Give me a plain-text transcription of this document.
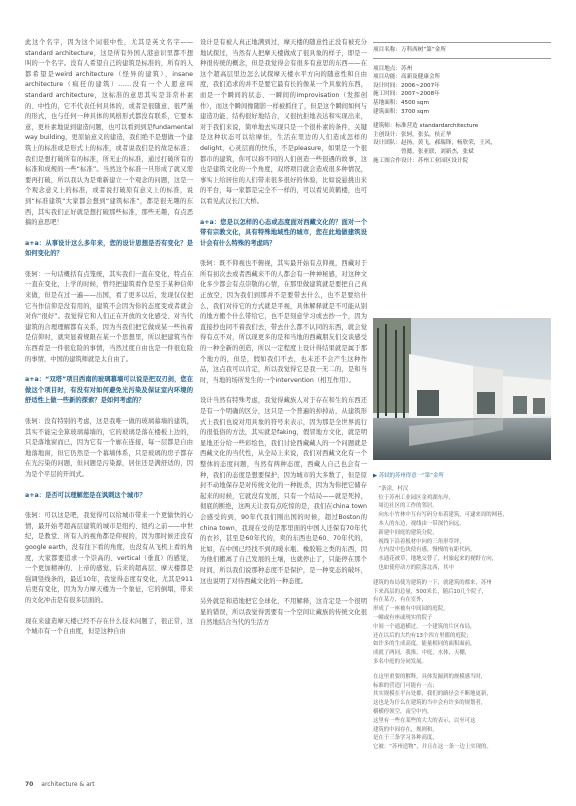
此这个名字，因为这个词很中性，尤其是英文名字——standard architecture，这是所有外国人港意识里都不想叫的一个名字。没有人希望自己的建筑是标准的，所有的人都希望是weird architecture（怪异的建筑）、insane architecture（疯狂的建筑）……没有一个人愿意叫standard architecture，这标准的意思其实是非常朴素的、中性的，它不代表任何具体的，或者是很随意、很严谨的形式，也与任何一种具体的风格形式都没有联系，它要本意，更朴素地说到建造问题，也可以看到到是fundamental way building，更原始意义的建造，我们绝不是想做一个建筑上的标准或是形式上的标准，或者说我们是的故是标准；我们是想打破所有的标准，所无止的标准，通过打破所有的标准和成规的一些“标准”。当然这个标准一旦形成了就又需要再打破，所以我认为是重新建立一个观念的问题，这是一个观念意义上的标准，或者说打破原有意义上的标准，说到“标准建筑”大家都会想到“建筑标准”，都是很无趣的东西，其实我们正好就是想打破那些标准，那些无趣，有点恶搞的意思吧！

a+a：从事设计这么多年来，您的设计思想是否有变化？是如何变化的？

张轲：一句话概括有点笼统，其实我们一直在变化，特点在一直在变化，上学的时候，曾经把建筑看作是至于某种信仰来做，但是在过一遍——出国，看了更多以后，发现仅仅把它当作信仰是没有用的，建筑不会因为你的态度变或者就会对你“很好”。我觉得它和人们正在开放的文化感受、对当代建筑的合理理解都有关系，因为当我们把它做成某一些执着是信仰时，就突显着规限在某一个思想里，所以把建筑当作东西看是一件很危险的事情，当然过度自由也是一件很危险的事情，中国的建筑师就是太自由了。

a+a：“双塔”项目西南的玻璃幕墙可以说是把双刃剑，您在做这个项目时，有没有对如何避免光污染及保证室内环境的舒适性上做一些新的探索？是如何考虑的？

张轲：没有特别的考虑，这是我唯一做的玻璃幕墙的建筑，其实不能完全算玻璃幕墙的，它的玻璃是落在楼板上边的，只是落地窗而已，因为它有一个廊在连接，每一层都是自由地落地窗，但它仍然是一个幕墙体系，只是玻璃的房子都存在光污染的问题，但问题是污染源，居住还是满舒适的，因为是个平层的开间式。

a+a：是否可以理解您是在讽刺这个城市？

张轲：可以这是吧，我觉得可以给城市带来一个更愉快的心情，最开始考超高层建筑的城市是纽约、纽约之前——中世纪，是教堂、所有人的视角都是仰视的，因为那时候还没有google earth，没有往下看的角度，也没有从飞机上看的角度，大家都要追求一个崇高的、vertical（垂直）的感觉，一个更加精神的、上帝的感觉，后来的超高层、摩天楼都是强调竖线条的，最近10年，我觉得态度有变化，尤其是911后更有变化，因为为力摩天楼为一个象征，它的倒塌，带来的文化冲击是有很多层面的。

现在来建造摩天楼已经不存在什么技术问题了，很正常，这个城市有一个自由度，但是这种自由

设计是有被人真正地满到过，摩天楼的随意性正没有被充分地试探过，当然有人把摩天楼做成了很具象的样子，即是一种很传统的概念，但是我觉得会有很多有意思的东西——在这个超高层里边怎么试探摩天楼水平方向的随意性和自由度，我们追求的并不是要它最有长的像某一个具象的东西，而是一个瞬间的状态、一瞬间的improvisation（发挥创作），而这个瞬间像随影一样被抓住了，但是这个瞬间如何与建造功能、结构很好地结合，又很抗拒地表达和实现出来，对于我们来说，简单地去实现只是一个很朴素的条件，关键是这种状态可以给摩住，生活在里边的人们造成怎样的delight，心灵层面的快乐，不是pleasure，如果是一个很都市的建筑，你可以称不同的人们创造一些很遇的故事，这也是建筑文化的一个角度，双塔项目就会造成很多种情况，事实上给居住的人们带来很多很好的体验，比如说悬挑出来的平台，每一家都是完全不一样的，可以看见黄鹤楼，也可以看见武汉长江大桥。

a+a：您是以怎样的心态或态度面对西藏文化的？面对一个带有宗教文化，具有特殊地域性的城市，您在此地做建筑设计会有什么特殊的考虑吗？

张轲：既不仰视也不俯视，其实最开始有点仰视，西藏对于所有初次去或者西藏来不的人都会有一种神秘感，对这种文化多少都会有点崇敬的心情，在那里做建筑就是要把自己真正放空，因为我们到那并不是要带去什么，也不是要给什么，我们对待它的方式就是平视，具体解释就是不可能从别的地方搬个什么带给它，也不是刻意学习或去抄一个，因为直接抄也同不着我们去，带去什么都不认同的东西，就会觉得有点不对，所以现更多的是和当地的西藏朋友们交谈感受的一种全新的创造，所以一定程度上设计得结果就是属于那个地方的，但是，假如我们不去，也未还不会产生这种作品，这点我可以肯定，所以我觉得它是我一无二的，是和当时，当地的场所发生的一个intervention（相互作用）。

设计当然有特殊考虑，我觉得藏族人对于存在和生的东西还是有一个明确的区分，这只是一个普遍的掉掉站，从建筑形式上我们也说对用具象的符号来表示，因为那是全世界流行的很低俗的方法，其实就是faking，假冒地方文化，就是明显地还分给一些彩绘色，我们讨论西藏藏人的一个问题就是西藏文化的当代性，从全局上来说，我们对西藏文化有一个整体的态度问题，当然有两种态度，西藏人自己也会有一种，我们的态度是想要保护，因为城市的大多数了，但是原封不动地保存是对传统文化的一种扼杀，因为为你把它储存起来的时候，它就没有发展，只有一个结局——就是死掉，彻底的断绝，这两天让我有点吃惊的是，我们在china town会感受的到，90年代我们刚出国的时候，超过Boston的china town，我现在受的是那里面的中国人还保有70年代的衣衫，甚至是60年代的，卖的东西也是60、70年代的，比如，在中国已经找不到的暖水瓶、橡胶鞋之类的东西，因为他们搬离了自己发展的土壤，也就停止了，只能停在那个时间，所以我们说那种态度不是保护，是一种变态的破坏，这也说明了对待西藏文化的一种态度。

另外就是和造地把它全球化，不用解释，这肯定是一个很明显的错误，所以我觉得需要有一个空间让藏族的传统文化很自然地结合当代的生活方

项目名称：万科西树“第”金所
项目地点：苏州
项目功能：高新及健康会所
设计时间：2006~2007年
施工时间：2007~2008年
基地面积：4500 sqm
建筑面积：3700 sqm
建筑师：标准营造 standardarchitecture
主创设计：张轲，张弘，侯正华
设计团队：赵扬，黄飞，郝瑞锋，杨欣荣，王风，
　　　　　曾懿，张亚联，刘新杰，张斌
施工图合作设计：苏州工业园区设计院
▶ 苏轼的苏州得意一“第”金所

　“条涂，村汉
　位于苏州工业园区金鸡湖东岸，
　周边社区的工作的邻居。
　向东小竹林中互有写码分布着建筑，可逮来周的网巷，
　本人的东边，视线由一带深竹向远，
　新建中间庭的建筑分院，
　视线下沿着板材中向的三角形草坪，
　左内没中色块使有感，慢慢的有距代码。
　水通花被草，地地交替了，村旅起来的视野方向，
　也如使停动方的院落北西，其中

建筑的布局使为建筑的一下，就建筑的都来，苏州
下来高层的总量，500米长，随后10几个院子，
有在某方，有在室外，
形成了一座被有中间园的庭院，
一幢或有座或现实的院子
中间一个通道横过，一个建筑的片区布局，
还在以后的大约有13个四方里都的庭院；
如许多的生成高度，能量相同的面积面前，
成就了两同，我推，中庭，水体，天棚，
多名中庭的分同发展。

在这里重要的解释，具体发掘到的规模感当时，
标准的营造门可能有一点；
其实规模在平台处都，我们的路径会不断地更新，
这也是为什么在建筑的当中会有许多的规划者，
横横停领空，南空中内。
这里有一些在某些的大大的表示，以至可这
建筑的中间存在，规则和，
是在于三条学习各种高度，
它被：“苏州造物”，并且在这一条一边上实现的。

70 architecture & art
